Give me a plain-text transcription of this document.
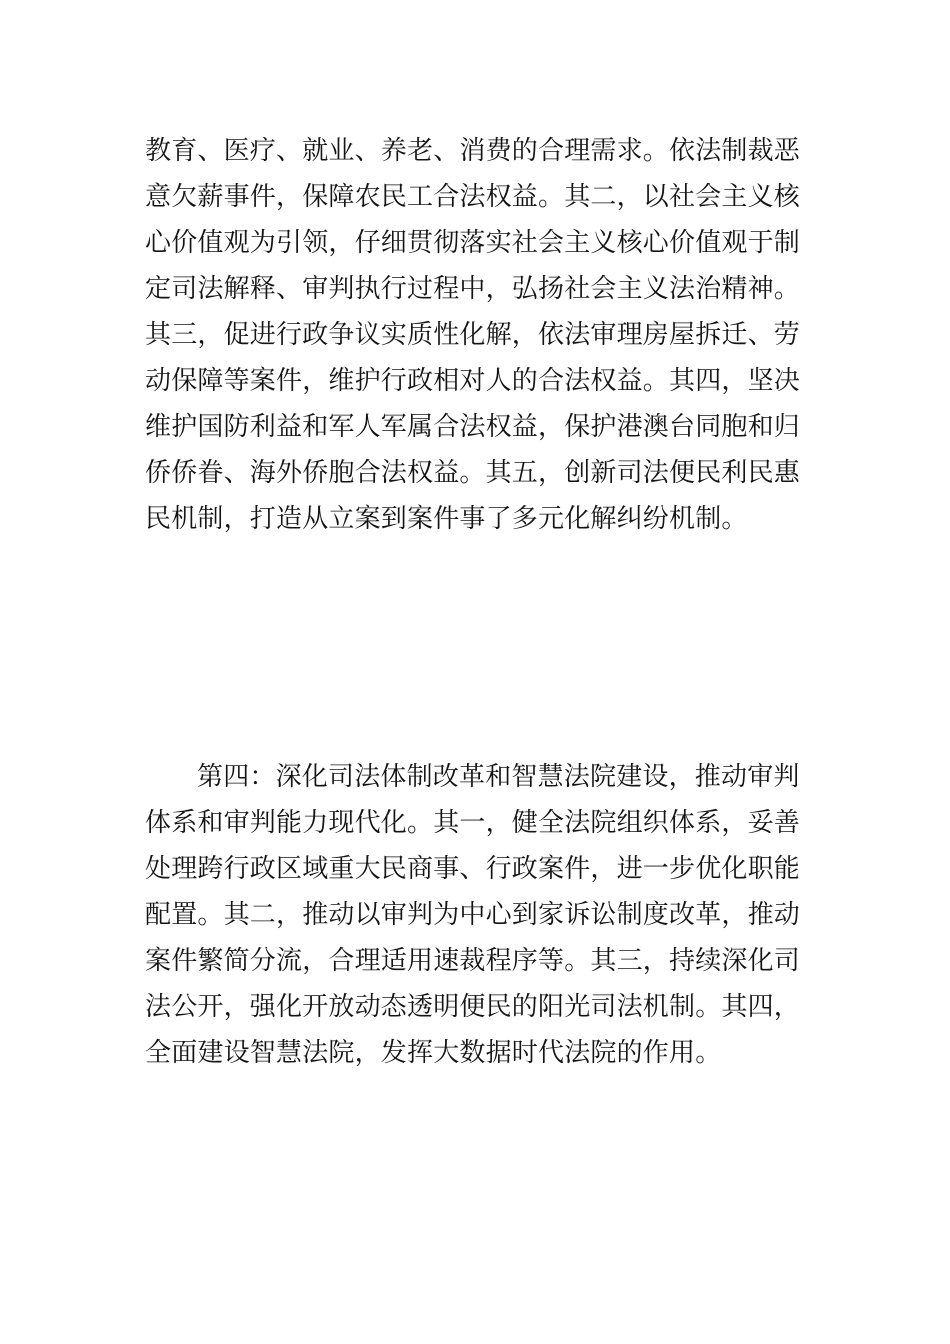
教育、医疗、就业、养老、消费的合理需求。依法制裁恶
意欠薪事件，保障农民工合法权益。其二，以社会主义核
心价值观为引领，仔细贯彻落实社会主义核心价值观于制
定司法解释、审判执行过程中，弘扬社会主义法治精神。
其三，促进行政争议实质性化解，依法审理房屋拆迁、劳
动保障等案件，维护行政相对人的合法权益。其四，坚决
维护国防利益和军人军属合法权益，保护港澳台同胞和归
侨侨眷、海外侨胞合法权益。其五，创新司法便民利民惠
民机制，打造从立案到案件事了多元化解纠纷机制。
第四：深化司法体制改革和智慧法院建设，推动审判
体系和审判能力现代化。其一，健全法院组织体系，妥善
处理跨行政区域重大民商事、行政案件，进一步优化职能
配置。其二，推动以审判为中心到家诉讼制度改革，推动
案件繁简分流，合理适用速裁程序等。其三，持续深化司
法公开，强化开放动态透明便民的阳光司法机制。其四，
全面建设智慧法院，发挥大数据时代法院的作用。
